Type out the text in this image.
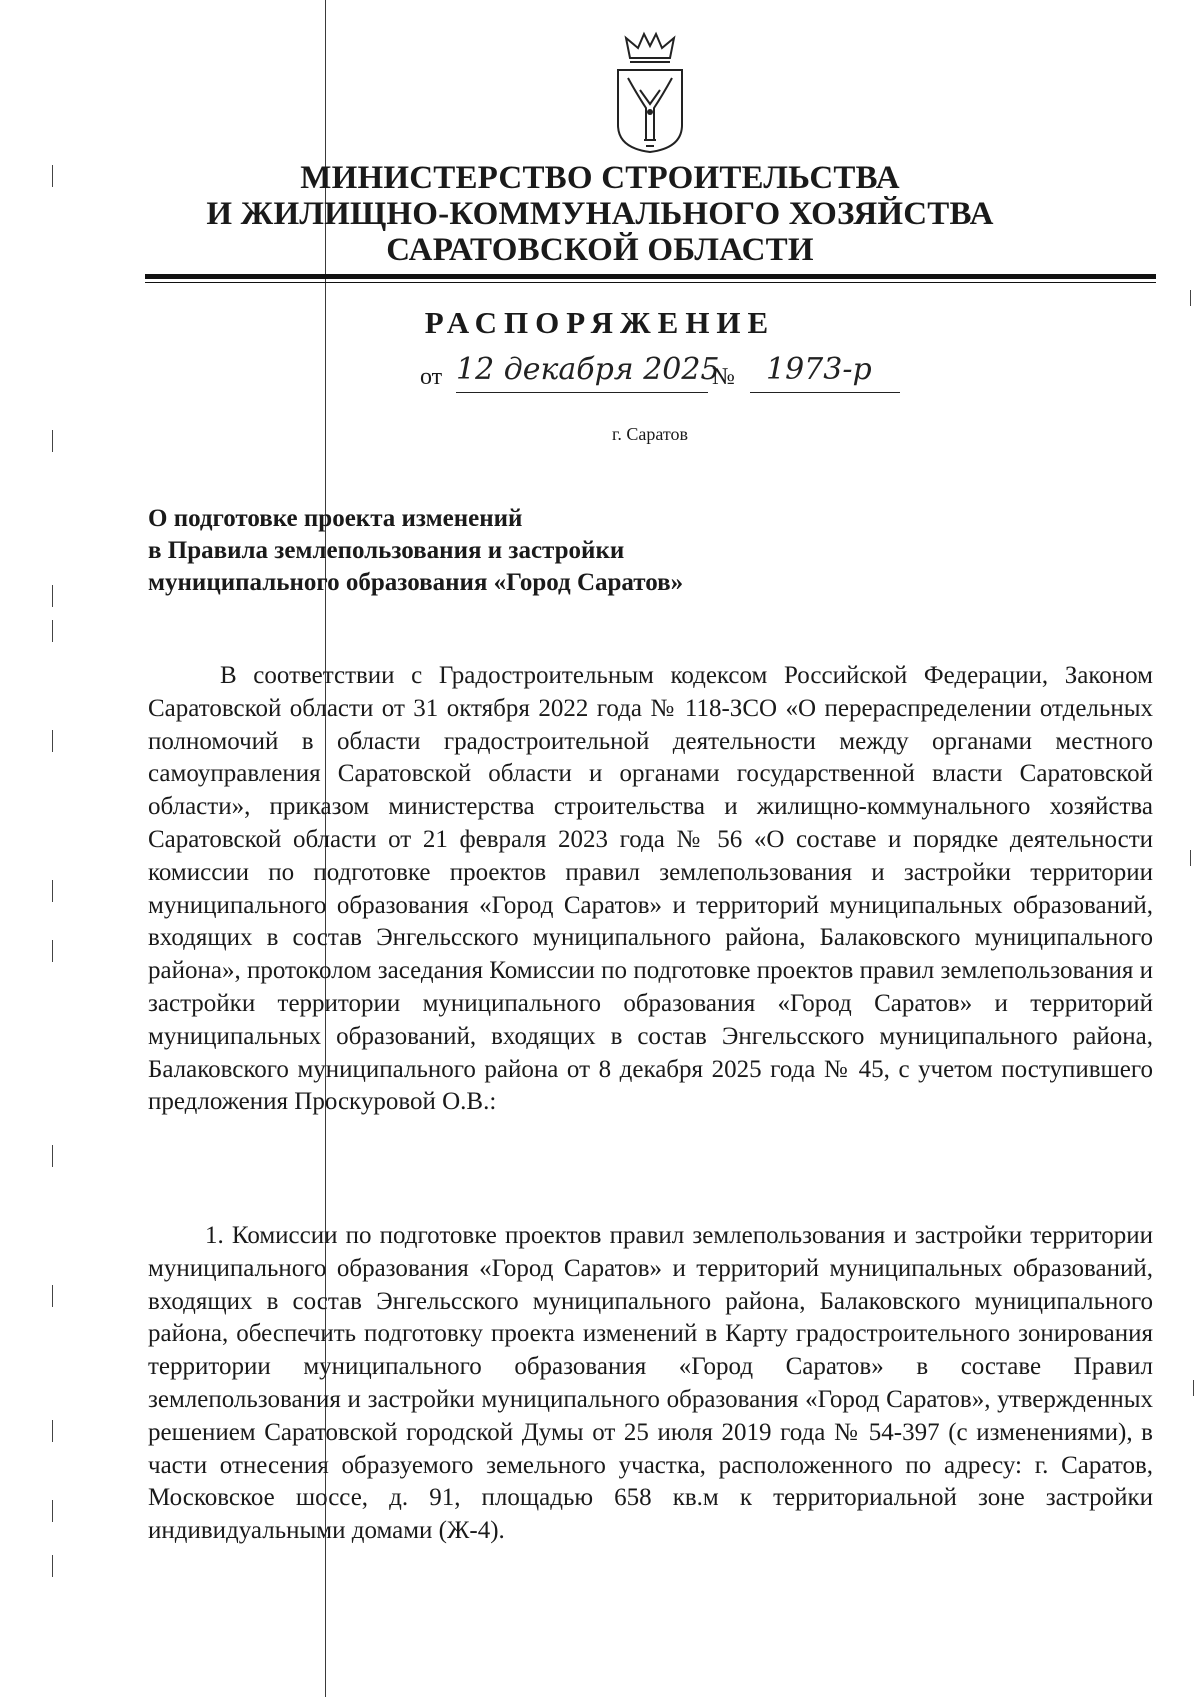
МИНИСТЕРСТВО СТРОИТЕЛЬСТВА
И ЖИЛИЩНО-КОММУНАЛЬНОГО ХОЗЯЙСТВА
САРАТОВСКОЙ ОБЛАСТИ
РАСПОРЯЖЕНИЕ
от 12 декабря 2025
№ 1973-р
г. Саратов
О подготовке проекта изменений
в Правила землепользования и застройки
муниципального образования «Город Саратов»
В соответствии с Градостроительным кодексом Российской Федерации, Законом Саратовской области от 31 октября 2022 года № 118-ЗСО «О перераспределении отдельных полномочий в области градостроительной деятельности между органами местного самоуправления Саратовской области и органами государственной власти Саратовской области», приказом министерства строительства и жилищно-коммунального хозяйства Саратовской области от 21 февраля 2023 года № 56 «О составе и порядке деятельности комиссии по подготовке проектов правил землепользования и застройки территории муниципального образования «Город Саратов» и территорий муниципальных образований, входящих в состав Энгельсского муниципального района, Балаковского муниципального района», протоколом заседания Комиссии по подготовке проектов правил землепользования и застройки территории муниципального образования «Город Саратов» и территорий муниципальных образований, входящих в состав Энгельсского муниципального района, Балаковского муниципального района от 8 декабря 2025 года № 45, с учетом поступившего предложения Проскуровой О.В.:
1. Комиссии по подготовке проектов правил землепользования и застройки территории муниципального образования «Город Саратов» и территорий муниципальных образований, входящих в состав Энгельсского муниципального района, Балаковского муниципального района, обеспечить подготовку проекта изменений в Карту градостроительного зонирования территории муниципального образования «Город Саратов» в составе Правил землепользования и застройки муниципального образования «Город Саратов», утвержденных решением Саратовской городской Думы от 25 июля 2019 года № 54-397 (с изменениями), в части отнесения образуемого земельного участка, расположенного по адресу: г. Саратов, Московское шоссе, д. 91, площадью 658 кв.м к территориальной зоне застройки индивидуальными домами (Ж-4).
